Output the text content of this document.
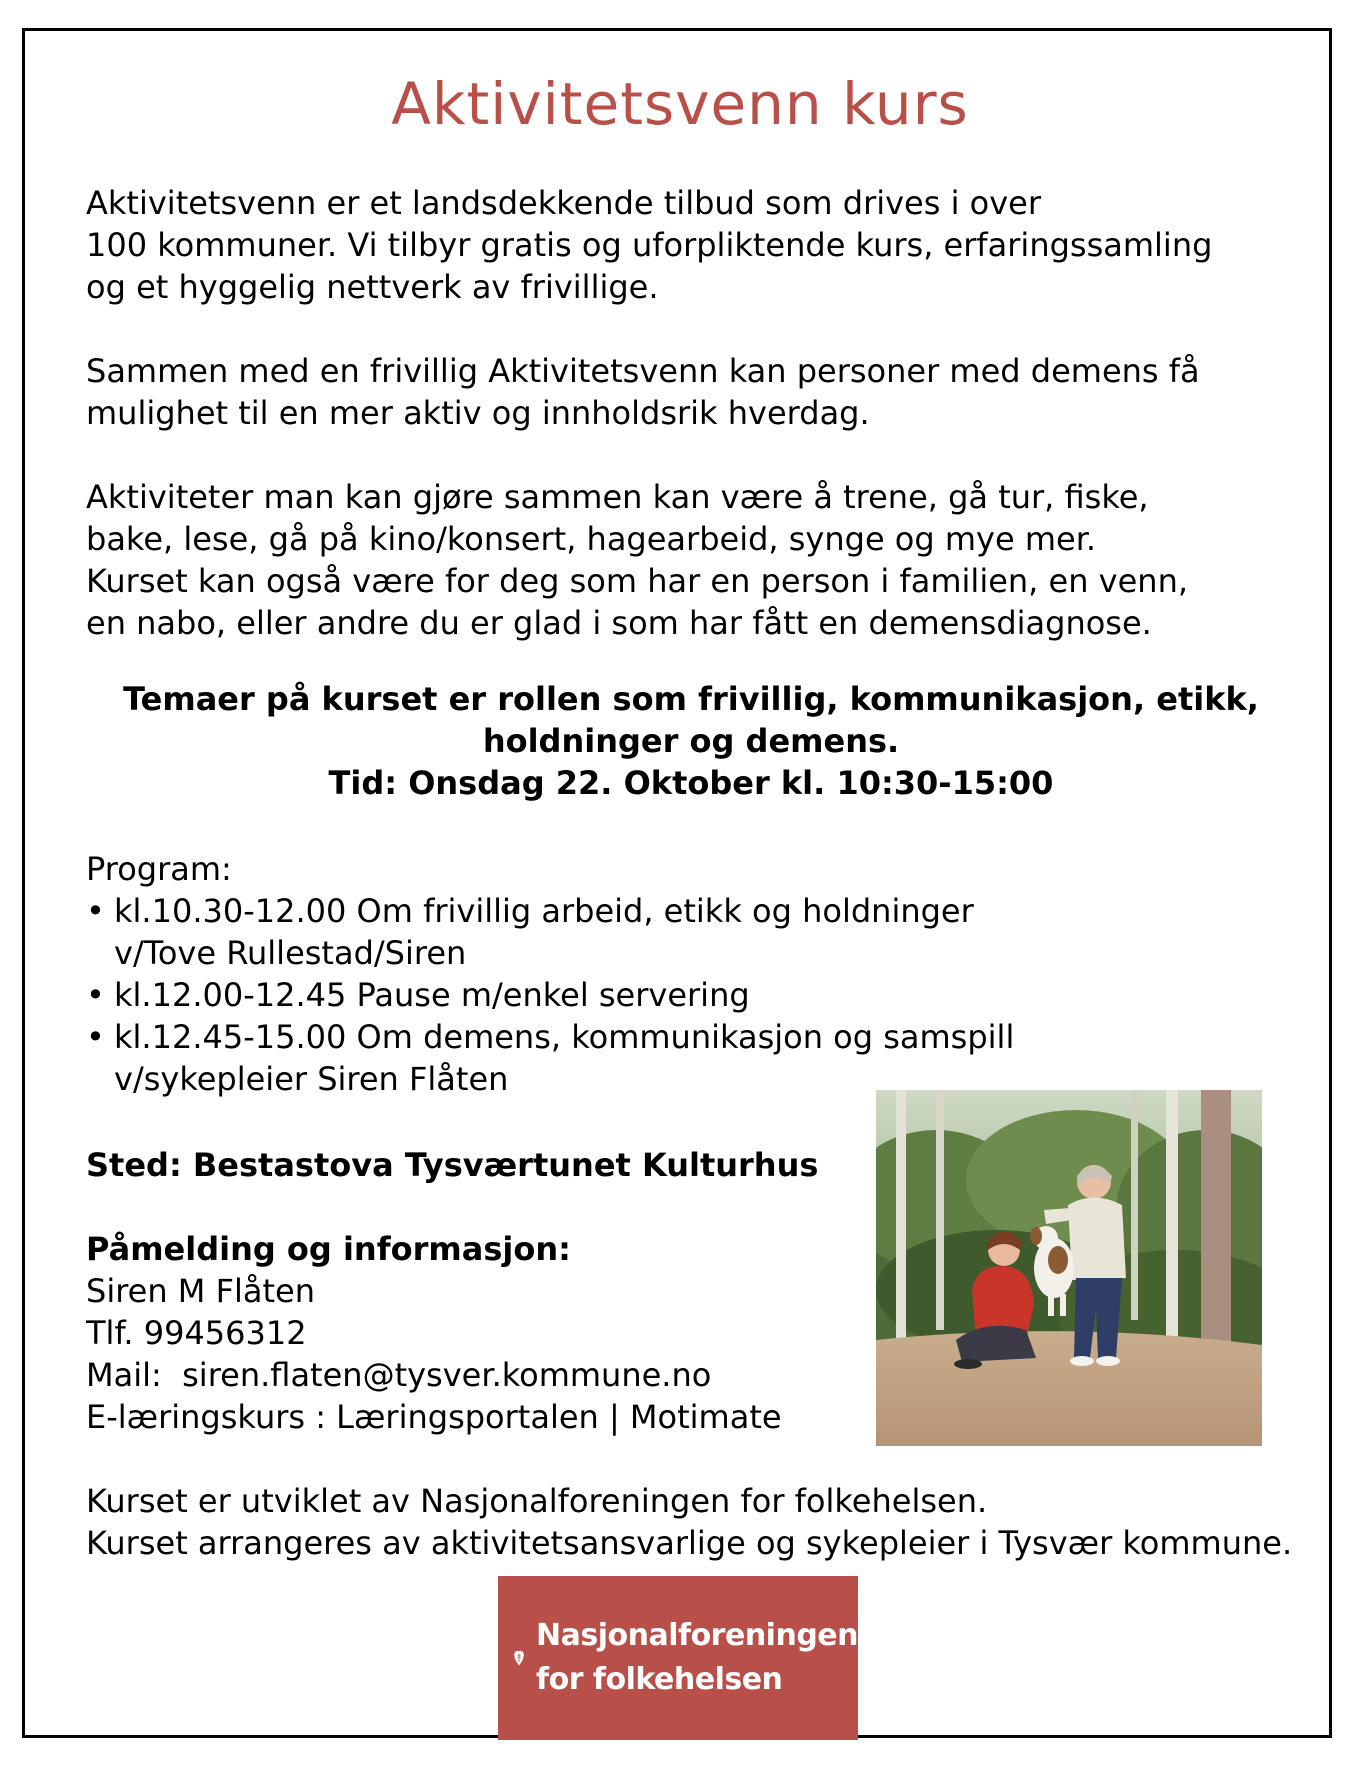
Aktivitetsvenn kurs

Aktivitetsvenn er et landsdekkende tilbud som drives i over
100 kommuner. Vi tilbyr gratis og uforpliktende kurs, erfaringssamling
og et hyggelig nettverk av frivillige.

Sammen med en frivillig Aktivitetsvenn kan personer med demens få
mulighet til en mer aktiv og innholdsrik hverdag.

Aktiviteter man kan gjøre sammen kan være å trene, gå tur, fiske,
bake, lese, gå på kino/konsert, hagearbeid, synge og mye mer.
Kurset kan også være for deg som har en person i familien, en venn,
en nabo, eller andre du er glad i som har fått en demensdiagnose.

Temaer på kurset er rollen som frivillig, kommunikasjon, etikk,
holdninger og demens.
Tid: Onsdag 22. Oktober kl. 10:30-15:00

Program:
• kl.10.30-12.00 Om frivillig arbeid, etikk og holdninger
v/Tove Rullestad/Siren
• kl.12.00-12.45 Pause m/enkel servering
• kl.12.45-15.00 Om demens, kommunikasjon og samspill
v/sykepleier Siren Flåten
Sted: Bestastova Tysværtunet Kulturhus
Påmelding og informasjon:
Siren M Flåten
Tlf. 99456312
Mail:  siren.flaten@tysver.kommune.no
E-læringskurs : Læringsportalen | Motimate
Kurset er utviklet av Nasjonalforeningen for folkehelsen.
Kurset arrangeres av aktivitetsansvarlige og sykepleier i Tysvær kommune.
Nasjonalforeningen
for folkehelsen
